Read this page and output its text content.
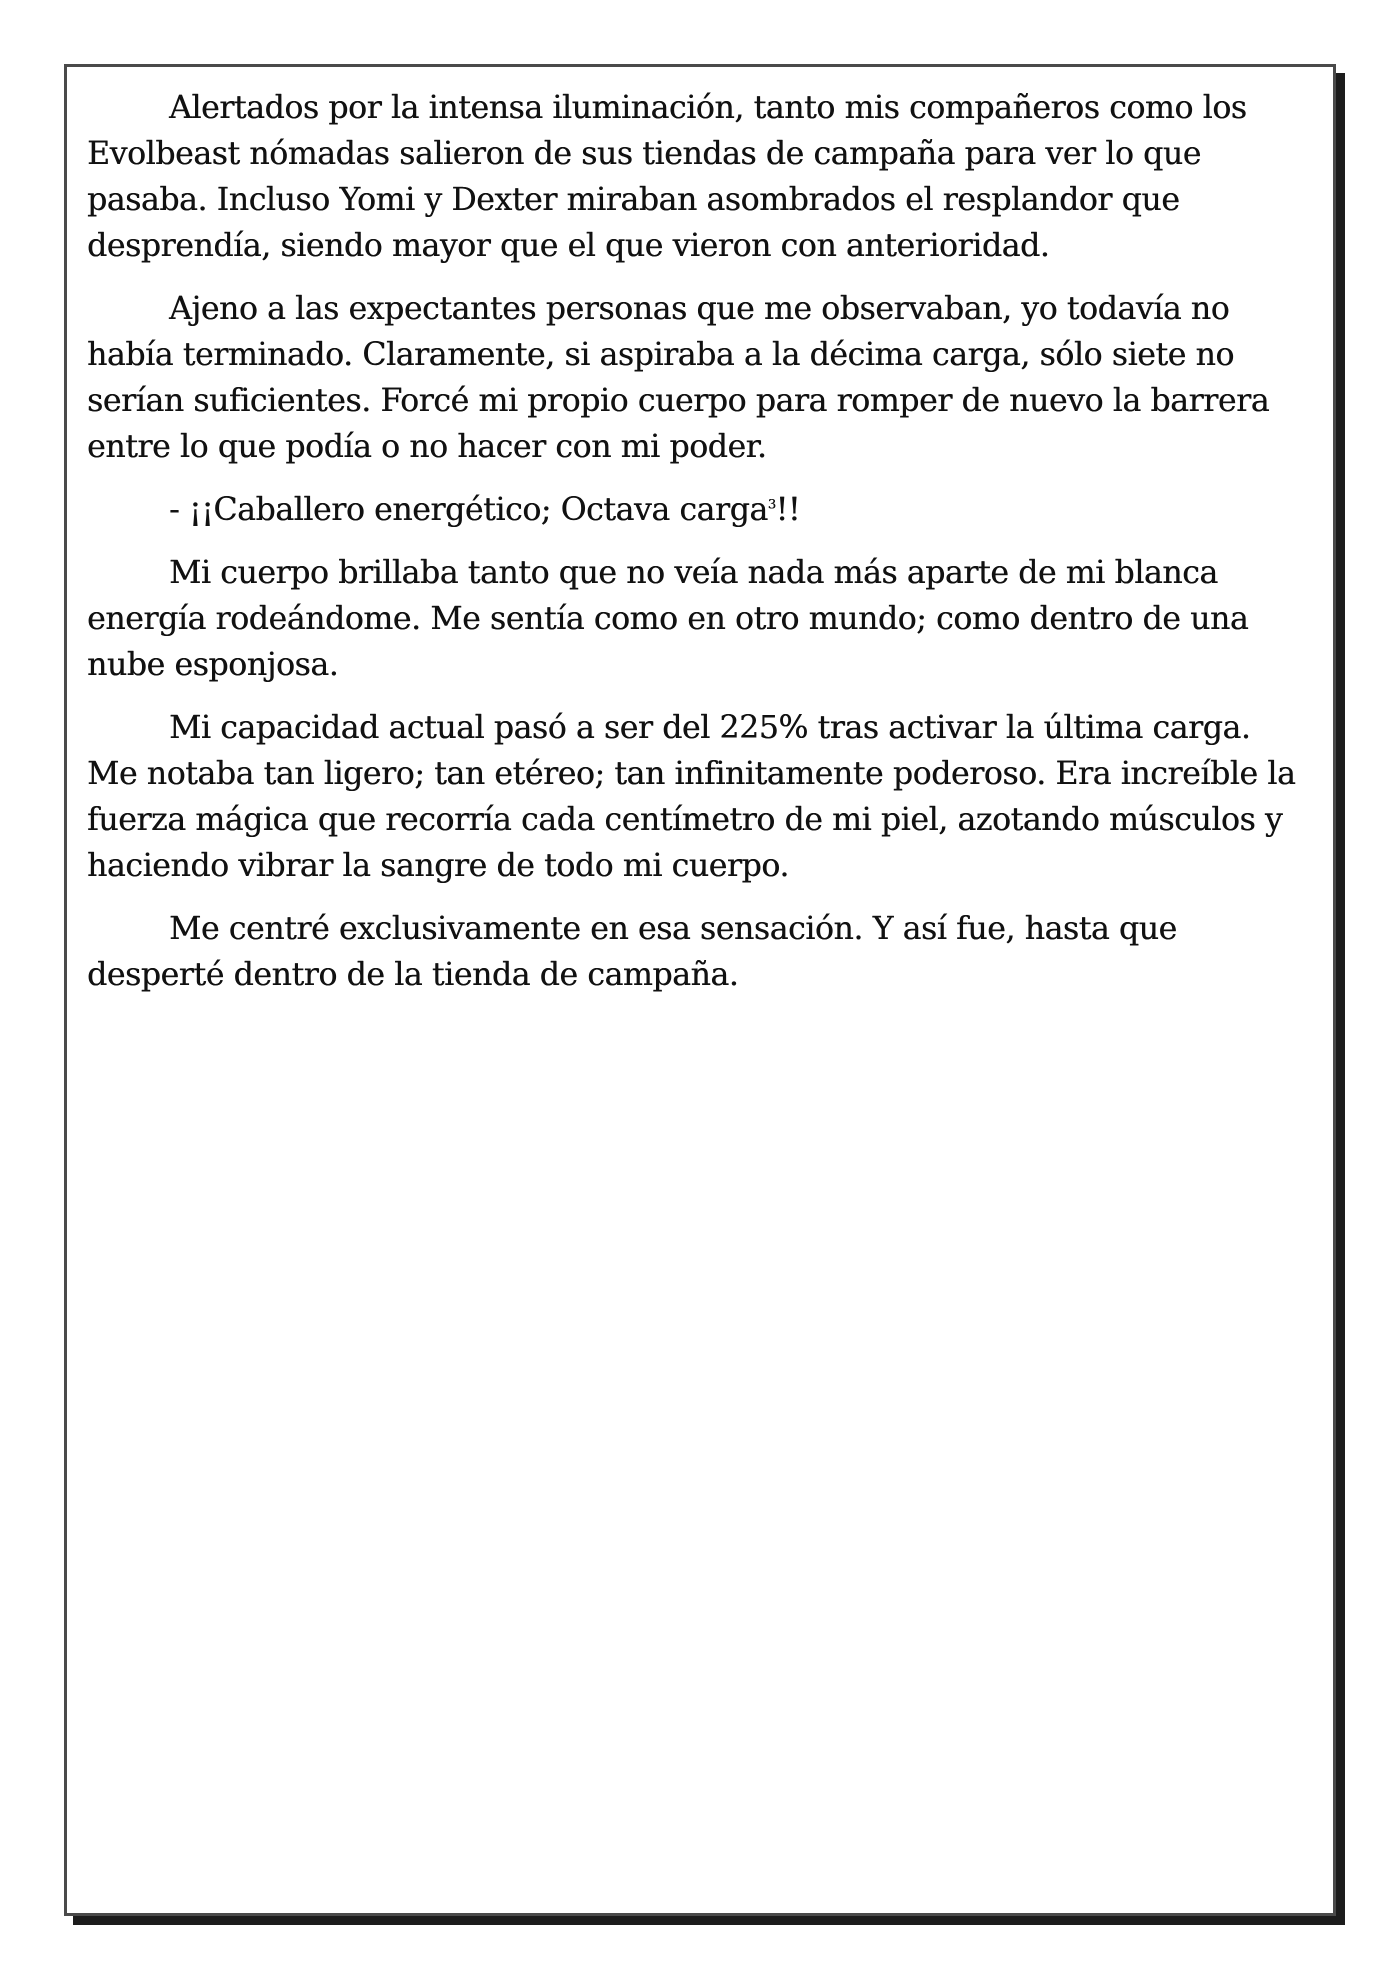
Alertados por la intensa iluminación, tanto mis compañeros como los Evolbeast nómadas salieron de sus tiendas de campaña para ver lo que pasaba. Incluso Yomi y Dexter miraban asombrados el resplandor que desprendía, siendo mayor que el que vieron con anterioridad.

Ajeno a las expectantes personas que me observaban, yo todavía no había terminado. Claramente, si aspiraba a la décima carga, sólo siete no serían suficientes. Forcé mi propio cuerpo para romper de nuevo la barrera entre lo que podía o no hacer con mi poder.

- ¡¡Caballero energético; Octava carga$^3$!!

Mi cuerpo brillaba tanto que no veía nada más aparte de mi blanca energía rodeándome. Me sentía como en otro mundo; como dentro de una nube esponjosa.

Mi capacidad actual pasó a ser del 225% tras activar la última carga. Me notaba tan ligero; tan etéreo; tan infinitamente poderoso. Era increíble la fuerza mágica que recorría cada centímetro de mi piel, azotando músculos y haciendo vibrar la sangre de todo mi cuerpo.

Me centré exclusivamente en esa sensación. Y así fue, hasta que desperté dentro de la tienda de campaña.
